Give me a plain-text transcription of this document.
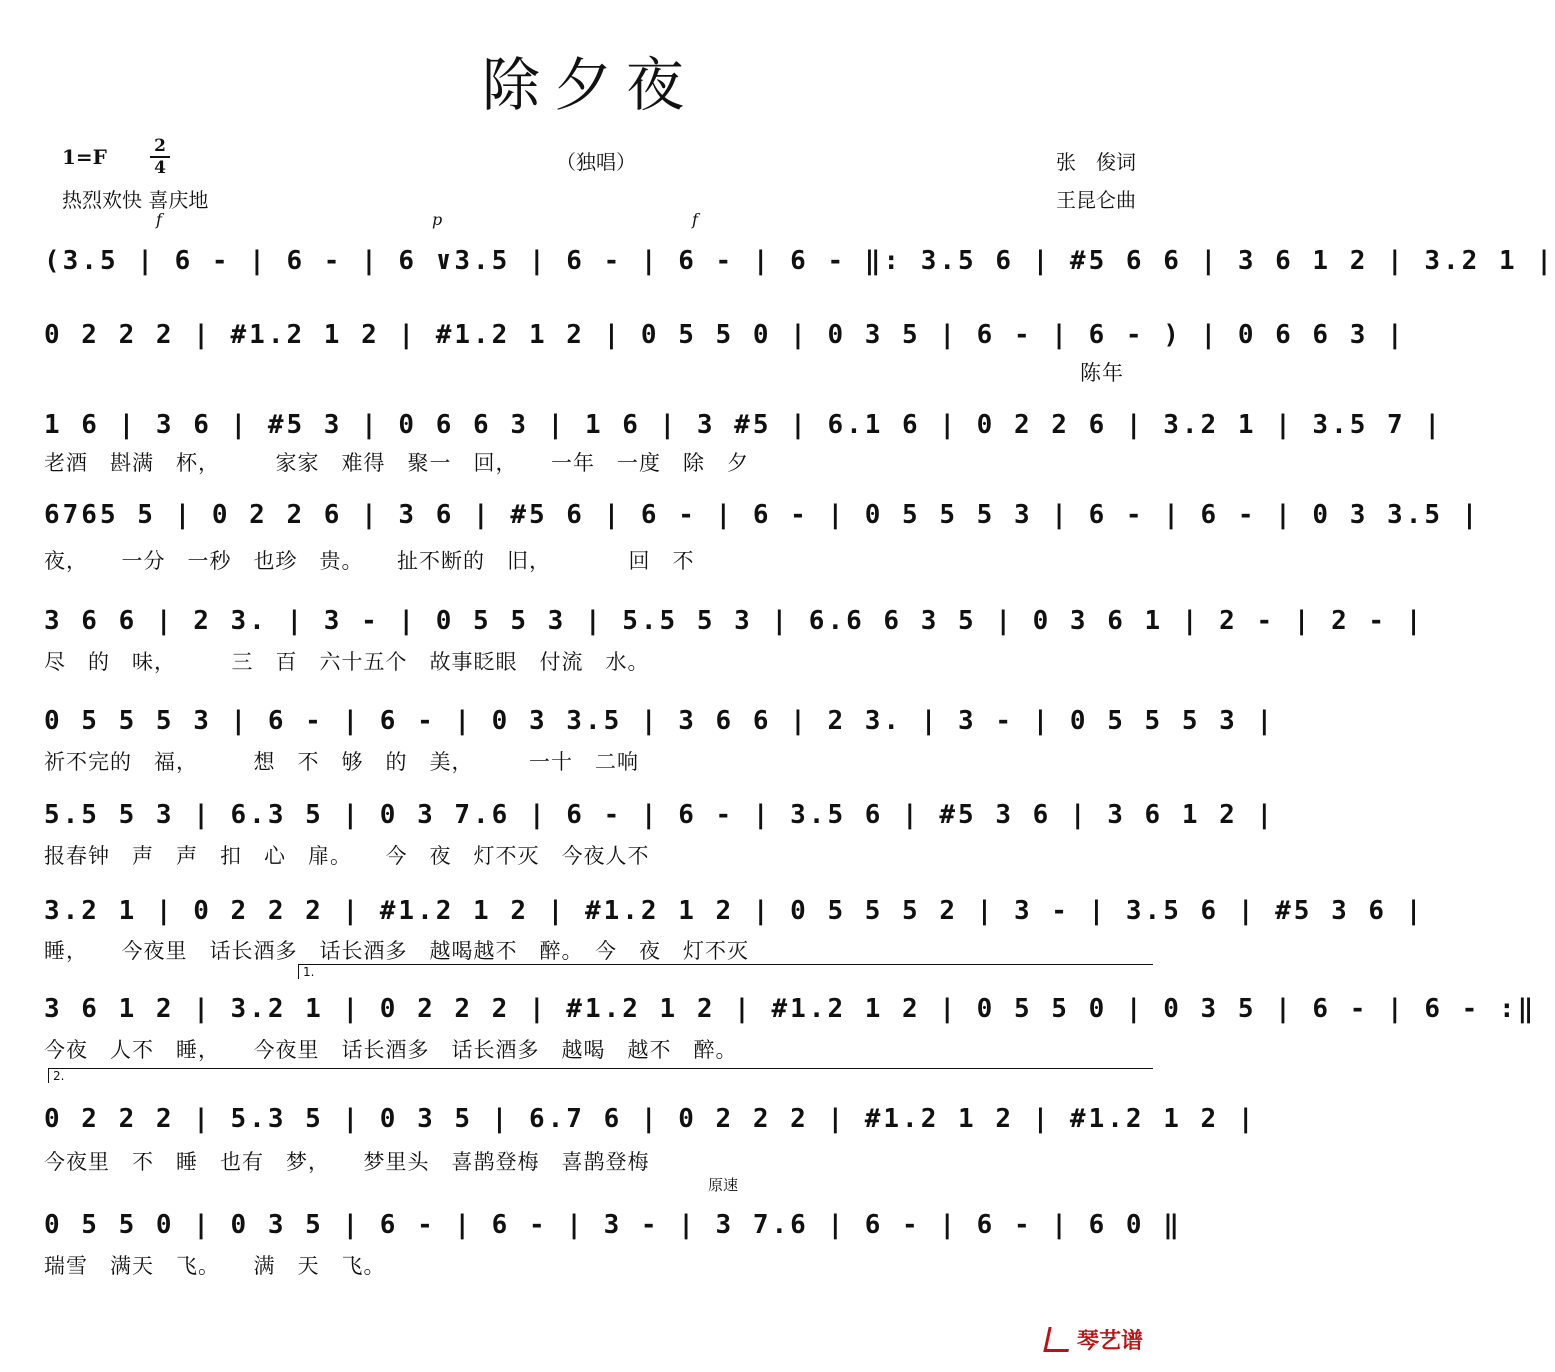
除夕夜
1=F	2
4	（独唱）
热烈欢快 喜庆地
张　俊词
王昆仑曲
f	p	f
1.
2.
原速
(3.5 | 6 - | 6 - | 6 ∨3.5 | 6 - | 6 - | 6 - ‖: 3.5 6 | #5 6 6 | 3 6 1 2 | 3.2 1 |
0 2 2 2 | #1.2 1 2 | #1.2 1 2 | 0 5 5 0 | 0 3 5 | 6 - | 6 - ) | 0 6 6 3 |
陈年
1 6 | 3 6 | #5 3 | 0 6 6 3 | 1 6 | 3 #5 | 6.1 6 | 0 2 2 6 | 3.2 1 | 3.5 7 |
老酒　斟满　杯，　　　家家　难得　聚一　回，　　一年　一度　除　夕
6765 5 | 0 2 2 6 | 3 6 | #5 6 | 6 - | 6 - | 0 5 5 5 3 | 6 - | 6 - | 0 3 3.5 |
夜，　　一分　一秒　也珍　贵。　　扯不断的　旧，　　　　回　不
3 6 6 | 2 3. | 3 - | 0 5 5 3 | 5.5 5 3 | 6.6 6 3 5 | 0 3 6 1 | 2 - | 2 - |
尽　的　味，　　　三　百　六十五个　故事眨眼　付流　水。
0 5 5 5 3 | 6 - | 6 - | 0 3 3.5 | 3 6 6 | 2 3. | 3 - | 0 5 5 5 3 |
祈不完的　福，　　　想　不　够　的　美，　　　一十　二响
5.5 5 3 | 6.3 5 | 0 3 7.6 | 6 - | 6 - | 3.5 6 | #5 3 6 | 3 6 1 2 |
报春钟　声　声　扣　心　扉。　　今　夜　灯不灭　今夜人不
3.2 1 | 0 2 2 2 | #1.2 1 2 | #1.2 1 2 | 0 5 5 5 2 | 3 - | 3.5 6 | #5 3 6 |
睡，　　今夜里　话长酒多　话长酒多　越喝越不　醉。　今　夜　灯不灭
3 6 1 2 | 3.2 1 | 0 2 2 2 | #1.2 1 2 | #1.2 1 2 | 0 5 5 0 | 0 3 5 | 6 - | 6 - :‖
今夜　人不　睡，　　今夜里　话长酒多　话长酒多　越喝　越不　醉。
0 2 2 2 | 5.3 5 | 0 3 5 | 6.7 6 | 0 2 2 2 | #1.2 1 2 | #1.2 1 2 |
今夜里　不　睡　也有　梦，　　梦里头　喜鹊登梅　喜鹊登梅
0 5 5 0 | 0 3 5 | 6 - | 6 - | 3 - | 3 7.6 | 6 - | 6 - | 6 0 ‖
瑞雪　满天　飞。　　满　天　飞。
琴艺谱
